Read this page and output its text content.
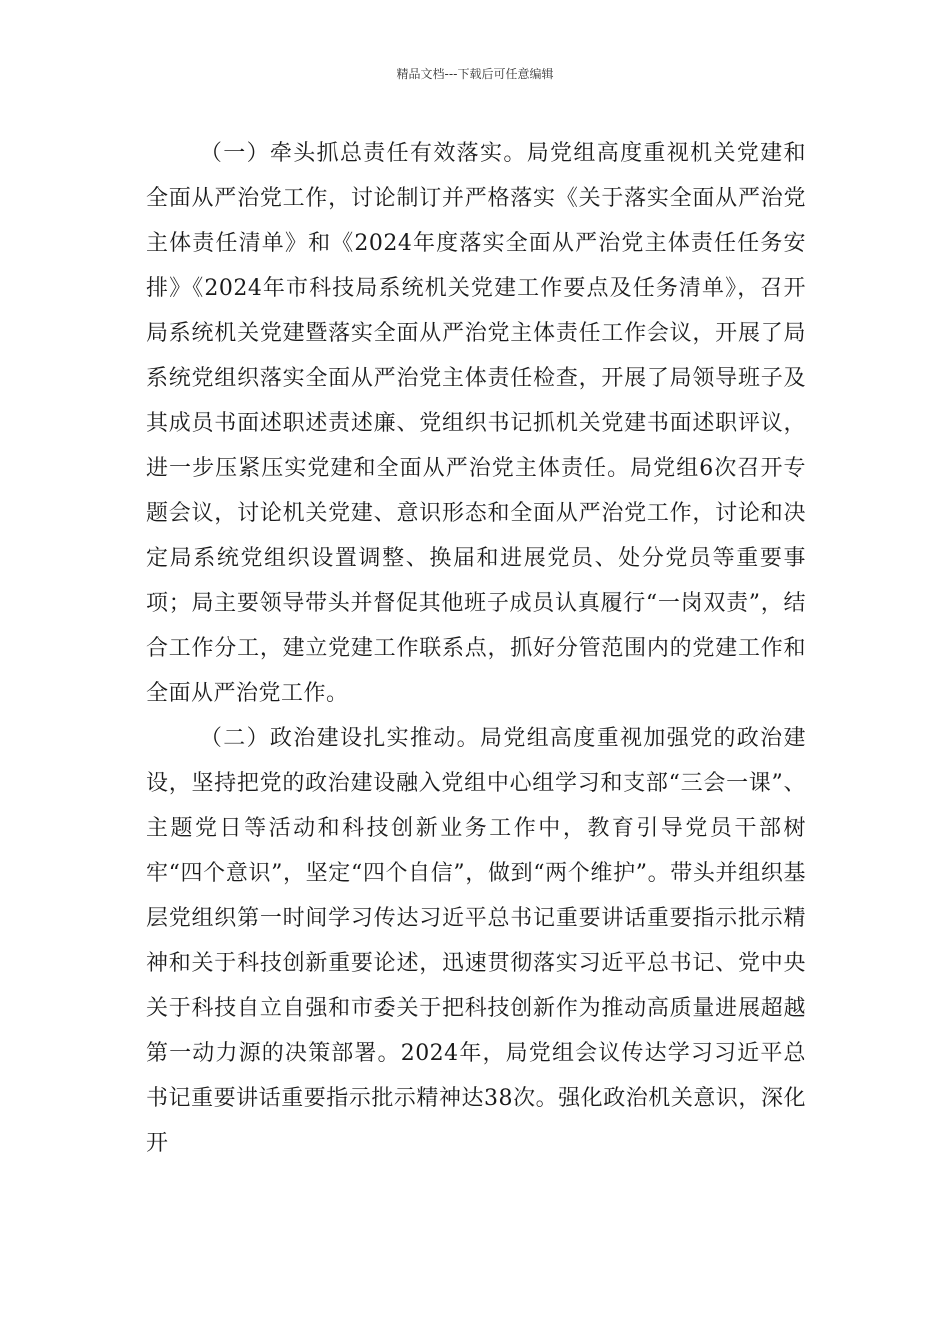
精品文档---下载后可任意编辑

（一）牵头抓总责任有效落实。局党组高度重视机关党建和全面从严治党工作，讨论制订并严格落实《关于落实全面从严治党主体责任清单》和《2024年度落实全面从严治党主体责任任务安排》《2024年市科技局系统机关党建工作要点及任务清单》，召开局系统机关党建暨落实全面从严治党主体责任工作会议，开展了局系统党组织落实全面从严治党主体责任检查，开展了局领导班子及其成员书面述职述责述廉、党组织书记抓机关党建书面述职评议，进一步压紧压实党建和全面从严治党主体责任。局党组6次召开专题会议，讨论机关党建、意识形态和全面从严治党工作，讨论和决定局系统党组织设置调整、换届和进展党员、处分党员等重要事项；局主要领导带头并督促其他班子成员认真履行“一岗双责”，结合工作分工，建立党建工作联系点，抓好分管范围内的党建工作和全面从严治党工作。

（二）政治建设扎实推动。局党组高度重视加强党的政治建设，坚持把党的政治建设融入党组中心组学习和支部“三会一课”、主题党日等活动和科技创新业务工作中，教育引导党员干部树牢“四个意识”，坚定“四个自信”，做到“两个维护”。带头并组织基层党组织第一时间学习传达习近平总书记重要讲话重要指示批示精神和关于科技创新重要论述，迅速贯彻落实习近平总书记、党中央关于科技自立自强和市委关于把科技创新作为推动高质量进展超越第一动力源的决策部署。2024年，局党组会议传达学习习近平总书记重要讲话重要指示批示精神达38次。强化政治机关意识，深化开
